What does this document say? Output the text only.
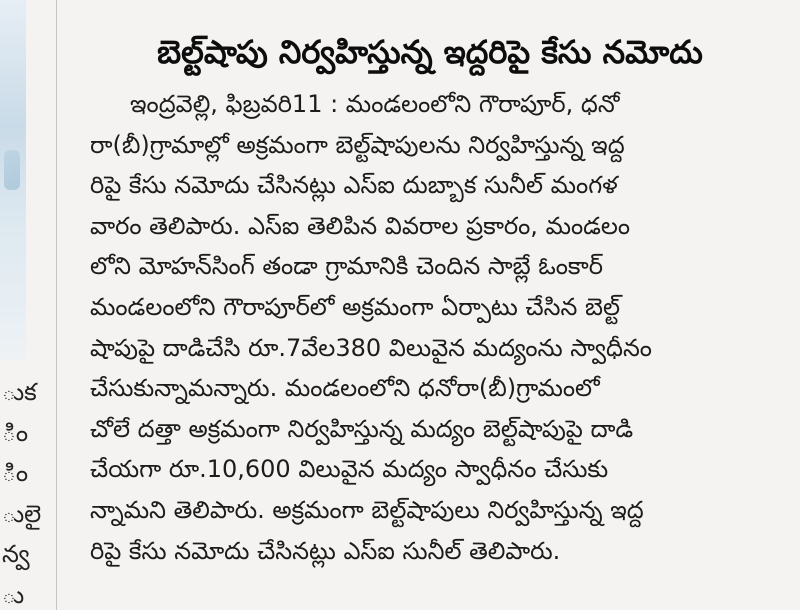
ుక
ిం
ిం
ులై
న్వ
ు
బెల్ట్‌షాపు నిర్వహిస్తున్న ఇద్దరిపై కేసు నమోదు
ఇంద్రవెల్లి, ఫిబ్రవరి11 : మండలంలోని గౌరాపూర్, ధనో
రా(బీ)గ్రామాల్లో అక్రమంగా బెల్ట్‌షాపులను నిర్వహిస్తున్న ఇద్ద
రిపై కేసు నమోదు చేసినట్లు ఎస్ఐ దుబ్బాక సునీల్ మంగళ
వారం తెలిపారు. ఎస్ఐ తెలిపిన వివరాల ప్రకారం, మండలం
లోని మోహన్‌సింగ్ తండా గ్రామానికి చెందిన సాబ్లే ఓంకార్
మండలంలోని గౌరాపూర్‌లో అక్రమంగా ఏర్పాటు చేసిన బెల్ట్
షాపుపై దాడిచేసి రూ.7వేల380 విలువైన మద్యంను స్వాధీనం
చేసుకున్నామన్నారు. మండలంలోని ధనోరా(బీ)గ్రామంలో
చోలే దత్తా అక్రమంగా నిర్వహిస్తున్న మద్యం బెల్ట్‌షాపుపై దాడి
చేయగా రూ.10,600 విలువైన మద్యం స్వాధీనం చేసుకు
న్నామని తెలిపారు. అక్రమంగా బెల్ట్‌షాపులు నిర్వహిస్తున్న ఇద్ద
రిపై కేసు నమోదు చేసినట్లు ఎస్ఐ సునీల్ తెలిపారు.
